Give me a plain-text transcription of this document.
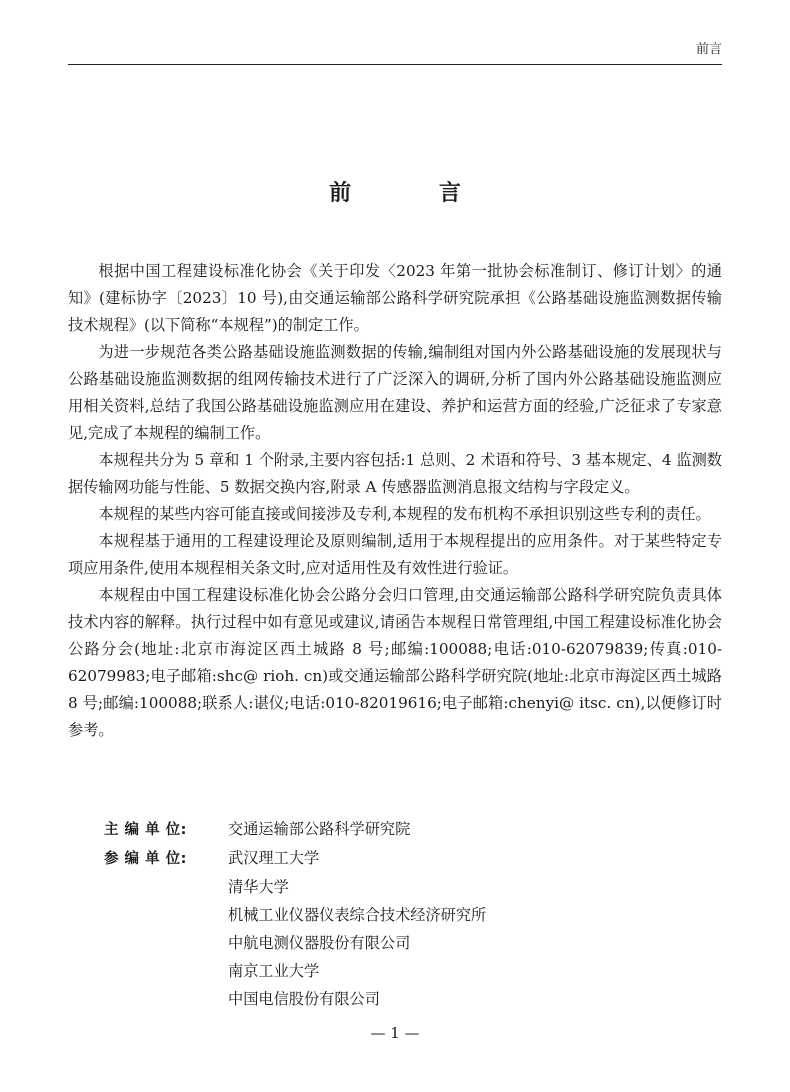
前言
前 言

根据中国工程建设标准化协会《关于印发〈2023 年第一批协会标准制订、修订计划〉的通知》(建标协字〔2023〕10 号),由交通运输部公路科学研究院承担《公路基础设施监测数据传输技术规程》(以下简称“本规程”)的制定工作。

为进一步规范各类公路基础设施监测数据的传输,编制组对国内外公路基础设施的发展现状与公路基础设施监测数据的组网传输技术进行了广泛深入的调研,分析了国内外公路基础设施监测应用相关资料,总结了我国公路基础设施监测应用在建设、养护和运营方面的经验,广泛征求了专家意见,完成了本规程的编制工作。

本规程共分为 5 章和 1 个附录,主要内容包括:1 总则、2 术语和符号、3 基本规定、4 监测数据传输网功能与性能、5 数据交换内容,附录 A 传感器监测消息报文结构与字段定义。

本规程的某些内容可能直接或间接涉及专利,本规程的发布机构不承担识别这些专利的责任。

本规程基于通用的工程建设理论及原则编制,适用于本规程提出的应用条件。对于某些特定专项应用条件,使用本规程相关条文时,应对适用性及有效性进行验证。

本规程由中国工程建设标准化协会公路分会归口管理,由交通运输部公路科学研究院负责具体技术内容的解释。执行过程中如有意见或建议,请函告本规程日常管理组,中国工程建设标准化协会公路分会(地址:北京市海淀区西土城路 8 号;邮编:100088;电话:010-62079839;传真:010-62079983;电子邮箱:shc@ rioh. cn)或交通运输部公路科学研究院(地址:北京市海淀区西土城路 8 号;邮编:100088;联系人:谌仪;电话:010-82019616;电子邮箱:chenyi@ itsc. cn),以便修订时参考。

主 编 单 位:	交通运输部公路科学研究院
参 编 单 位:	武汉理工大学
清华大学
机械工业仪器仪表综合技术经济研究所
中航电测仪器股份有限公司
南京工业大学
中国电信股份有限公司
— 1 —
